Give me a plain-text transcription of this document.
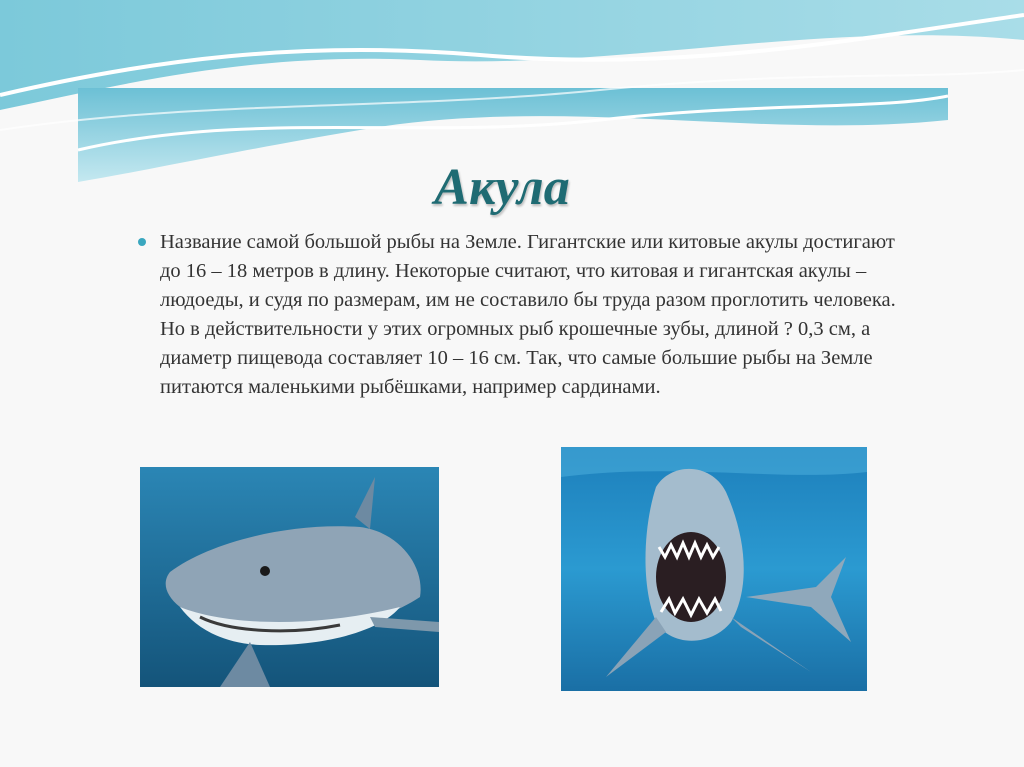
Акула
Название самой большой рыбы на Земле. Гигантские или китовые акулы достигают до 16 – 18 метров в длину. Некоторые считают, что китовая и гигантская акулы – людоеды, и судя по размерам, им не составило бы труда разом проглотить человека. Но в действительности у этих огромных рыб крошечные зубы, длиной ? 0,3 см, а диаметр пищевода составляет 10 – 16 см. Так, что самые большие рыбы на Земле питаются маленькими рыбёшками, например сардинами.
